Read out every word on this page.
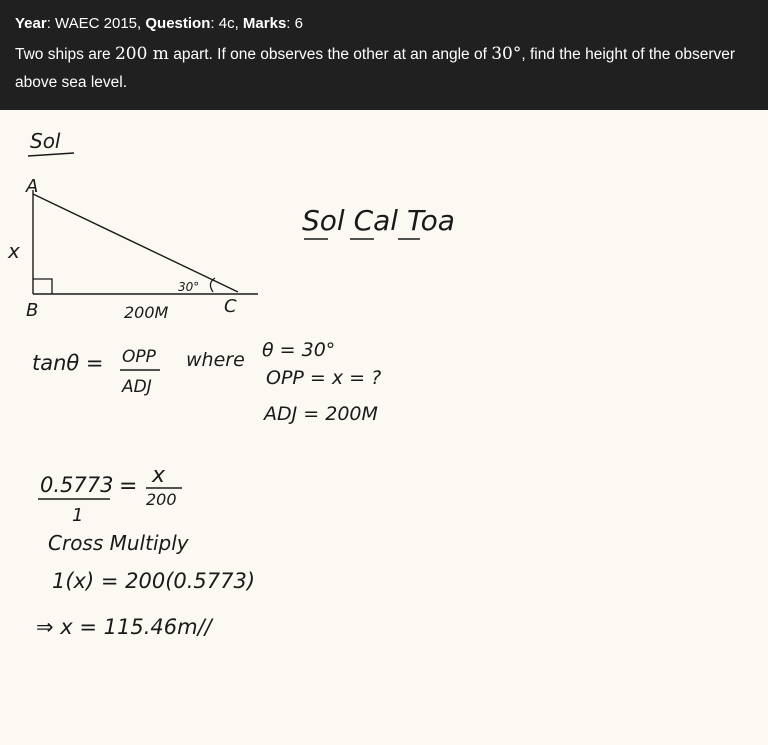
Year: WAEC 2015, Question: 4c, Marks: 6
Two ships are 200 m apart. If one observes the other at an angle of 30°, find the height of the observer above sea level.
Sol
A
B	C
x
30°
200M
Sol Cal Toa
tanθ = OPP
ADJ
where θ = 30°
OPP = x = ?
ADJ = 200M
0.5773
1
= x
200
Cross Multiply
1(x) = 200(0.5773)
⇒ x = 115.46m//
